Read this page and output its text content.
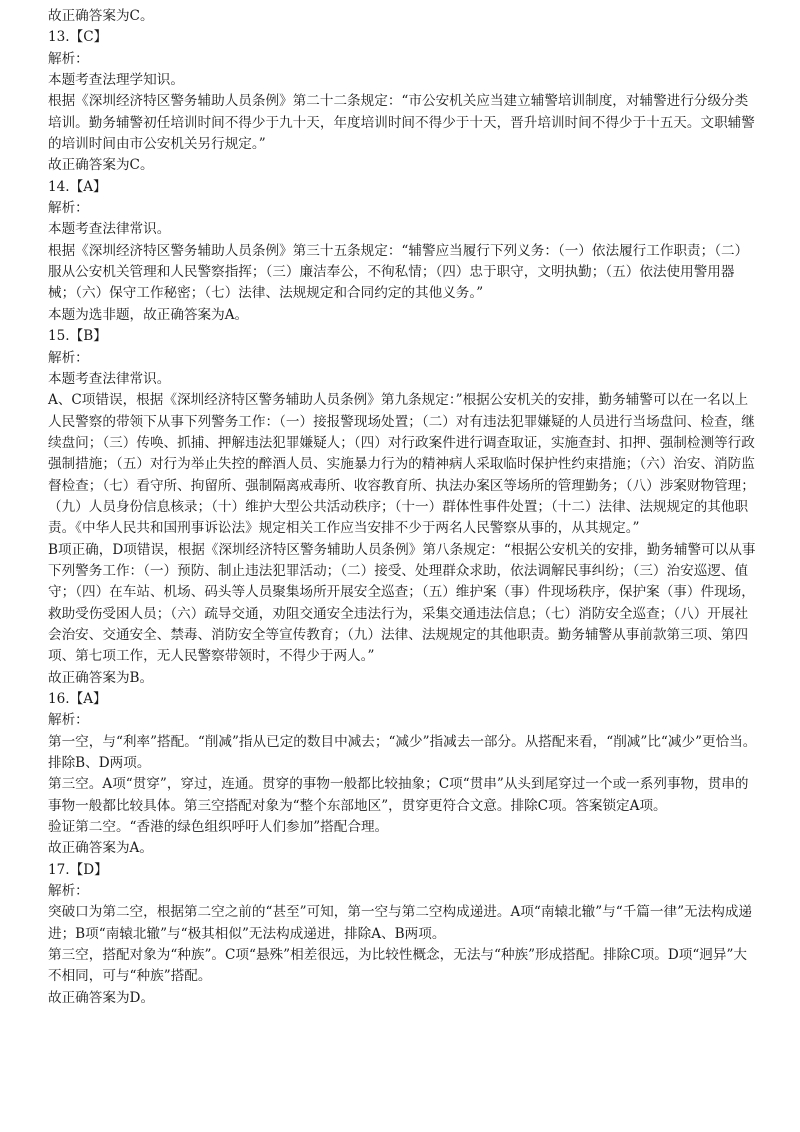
故正确答案为C。
13.【C】
解析：
本题考查法理学知识。
根据《深圳经济特区警务辅助人员条例》第二十二条规定：“市公安机关应当建立辅警培训制度，对辅警进行分级分类培训。勤务辅警初任培训时间不得少于九十天，年度培训时间不得少于十天，晋升培训时间不得少于十五天。文职辅警的培训时间由市公安机关另行规定。”
故正确答案为C。
14.【A】
解析：
本题考查法律常识。
根据《深圳经济特区警务辅助人员条例》第三十五条规定：“辅警应当履行下列义务：（一）依法履行工作职责；（二）服从公安机关管理和人民警察指挥；（三）廉洁奉公，不徇私情；（四）忠于职守，文明执勤；（五）依法使用警用器械；（六）保守工作秘密；（七）法律、法规规定和合同约定的其他义务。”
本题为选非题，故正确答案为A。
15.【B】
解析：
本题考查法律常识。
A、C项错误，根据《深圳经济特区警务辅助人员条例》第九条规定：”根据公安机关的安排，勤务辅警可以在一名以上人民警察的带领下从事下列警务工作：（一）接报警现场处置；（二）对有违法犯罪嫌疑的人员进行当场盘问、检查，继续盘问；（三）传唤、抓捕、押解违法犯罪嫌疑人；（四）对行政案件进行调查取证，实施查封、扣押、强制检测等行政强制措施；（五）对行为举止失控的醉酒人员、实施暴力行为的精神病人采取临时保护性约束措施；（六）治安、消防监督检查；（七）看守所、拘留所、强制隔离戒毒所、收容教育所、执法办案区等场所的管理勤务；（八）涉案财物管理；（九）人员身份信息核录；（十）维护大型公共活动秩序；（十一）群体性事件处置；（十二）法律、法规规定的其他职责。《中华人民共和国刑事诉讼法》规定相关工作应当安排不少于两名人民警察从事的，从其规定。”
B项正确，D项错误，根据《深圳经济特区警务辅助人员条例》第八条规定：“根据公安机关的安排，勤务辅警可以从事下列警务工作：（一）预防、制止违法犯罪活动；（二）接受、处理群众求助，依法调解民事纠纷；（三）治安巡逻、值守；（四）在车站、机场、码头等人员聚集场所开展安全巡查；（五）维护案（事）件现场秩序，保护案（事）件现场，救助受伤受困人员；（六）疏导交通，劝阻交通安全违法行为，采集交通违法信息；（七）消防安全巡查；（八）开展社会治安、交通安全、禁毒、消防安全等宣传教育；（九）法律、法规规定的其他职责。勤务辅警从事前款第三项、第四项、第七项工作，无人民警察带领时，不得少于两人。”
故正确答案为B。
16.【A】
解析：
第一空，与“利率”搭配。“削减”指从已定的数目中减去；“减少”指减去一部分。从搭配来看，“削减”比“减少”更恰当。排除B、D两项。
第三空。A项“贯穿”，穿过，连通。贯穿的事物一般都比较抽象；C项“贯串”从头到尾穿过一个或一系列事物，贯串的事物一般都比较具体。第三空搭配对象为“整个东部地区”，贯穿更符合文意。排除C项。答案锁定A项。
验证第二空。“香港的绿色组织呼吁人们参加”搭配合理。
故正确答案为A。
17.【D】
解析：
突破口为第二空，根据第二空之前的“甚至”可知，第一空与第二空构成递进。A项“南辕北辙”与“千篇一律”无法构成递进；B项“南辕北辙”与“极其相似”无法构成递进，排除A、B两项。
第三空，搭配对象为“种族”。C项“悬殊”相差很远，为比较性概念，无法与“种族”形成搭配。排除C项。D项“迥异”大不相同，可与“种族”搭配。
故正确答案为D。
